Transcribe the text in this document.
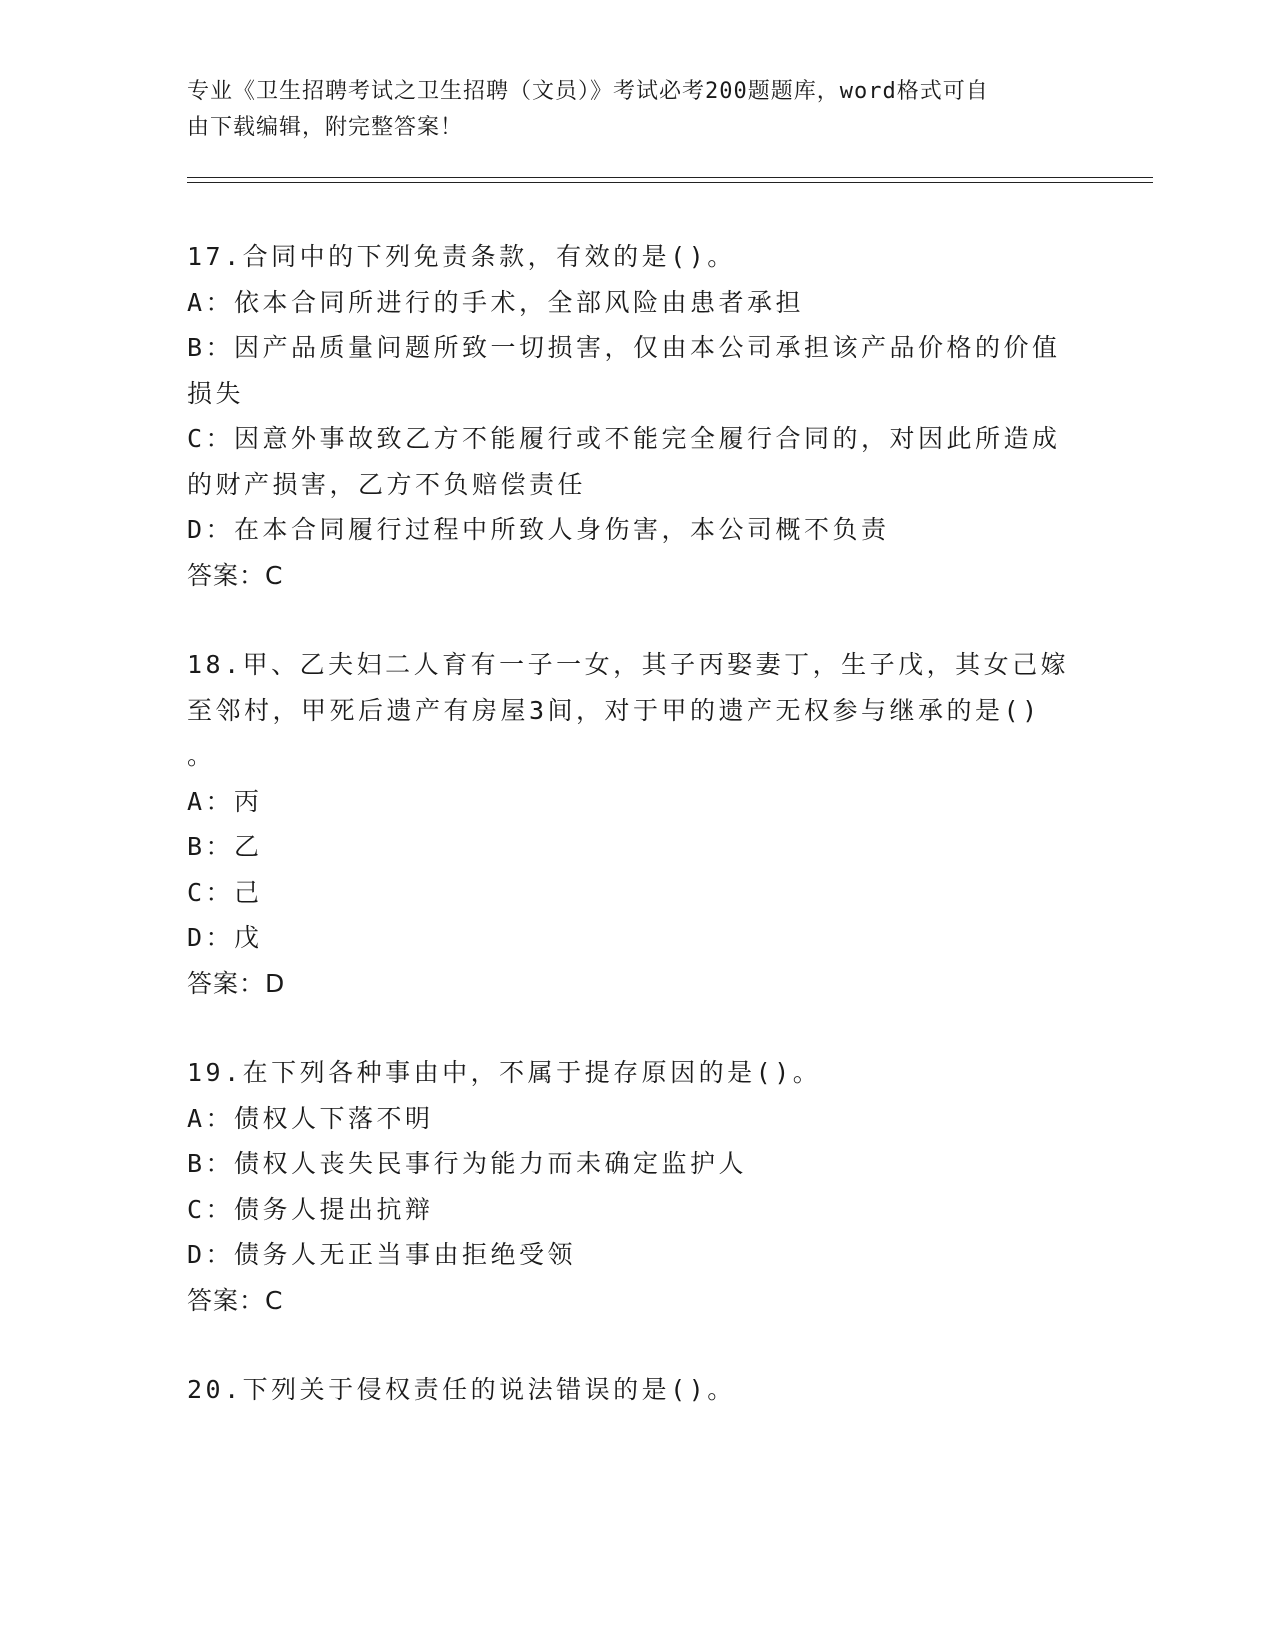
专业《卫生招聘考试之卫生招聘（文员）》考试必考200题题库，word格式可自
由下载编辑，附完整答案！

17.合同中的下列免责条款，有效的是()。

A：依本合同所进行的手术，全部风险由患者承担

B：因产品质量问题所致一切损害，仅由本公司承担该产品价格的价值

损失

C：因意外事故致乙方不能履行或不能完全履行合同的，对因此所造成

的财产损害，乙方不负赔偿责任

D：在本合同履行过程中所致人身伤害，本公司概不负责

答案：C

18.甲、乙夫妇二人育有一子一女，其子丙娶妻丁，生子戊，其女己嫁

至邻村，甲死后遗产有房屋3间，对于甲的遗产无权参与继承的是()

。

A：丙

B：乙

C：己

D：戊

答案：D

19.在下列各种事由中，不属于提存原因的是()。

A：债权人下落不明

B：债权人丧失民事行为能力而未确定监护人

C：债务人提出抗辩

D：债务人无正当事由拒绝受领

答案：C

20.下列关于侵权责任的说法错误的是()。
